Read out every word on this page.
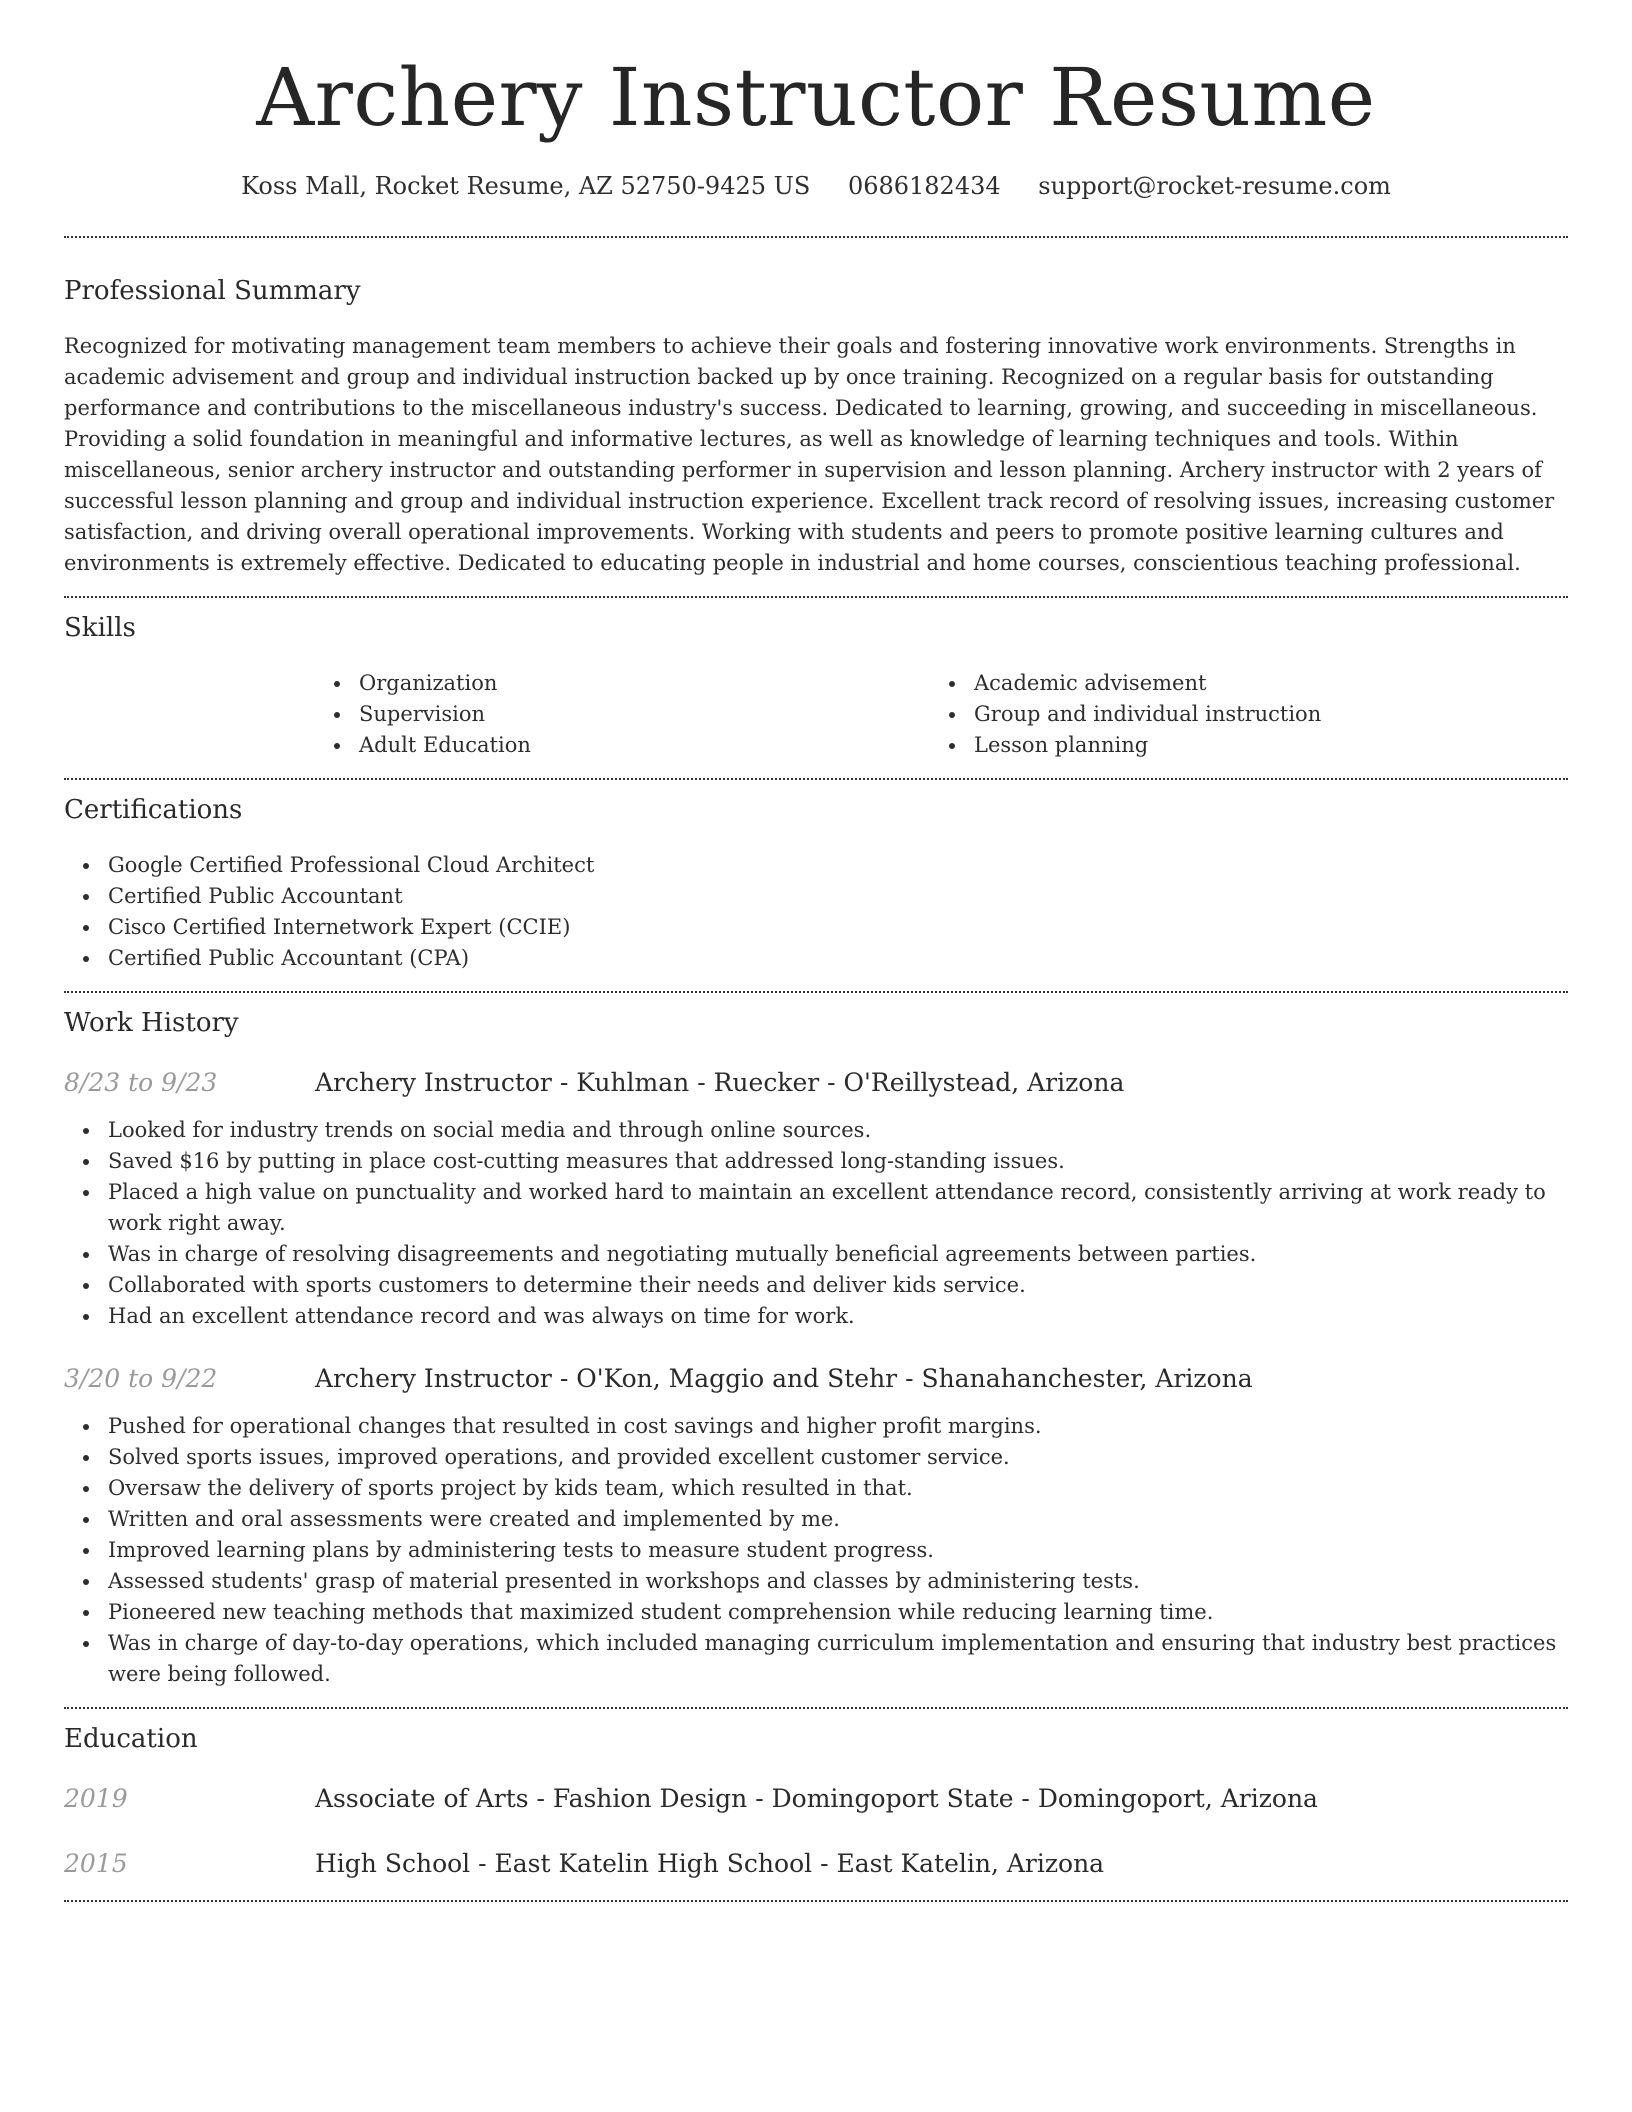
Archery Instructor Resume
Koss Mall, Rocket Resume, AZ 52750-9425 US 0686182434 support@rocket-resume.com
Professional Summary

Recognized for motivating management team members to achieve their goals and fostering innovative work environments. Strengths in academic advisement and group and individual instruction backed up by once training. Recognized on a regular basis for outstanding performance and contributions to the miscellaneous industry's success. Dedicated to learning, growing, and succeeding in miscellaneous. Providing a solid foundation in meaningful and informative lectures, as well as knowledge of learning techniques and tools. Within miscellaneous, senior archery instructor and outstanding performer in supervision and lesson planning. Archery instructor with 2 years of successful lesson planning and group and individual instruction experience. Excellent track record of resolving issues, increasing customer satisfaction, and driving overall operational improvements. Working with students and peers to promote positive learning cultures and environments is extremely effective. Dedicated to educating people in industrial and home courses, conscientious teaching professional.

Skills
Organization
Supervision
Adult Education
Academic advisement
Group and individual instruction
Lesson planning
Certifications
Google Certified Professional Cloud Architect
Certified Public Accountant
Cisco Certified Internetwork Expert (CCIE)
Certified Public Accountant (CPA)
Work History
8/23 to 9/23	Archery Instructor - Kuhlman - Ruecker - O'Reillystead, Arizona
Looked for industry trends on social media and through online sources.
Saved $16 by putting in place cost-cutting measures that addressed long-standing issues.
Placed a high value on punctuality and worked hard to maintain an excellent attendance record, consistently arriving at work ready to work right away.
Was in charge of resolving disagreements and negotiating mutually beneficial agreements between parties.
Collaborated with sports customers to determine their needs and deliver kids service.
Had an excellent attendance record and was always on time for work.
3/20 to 9/22	Archery Instructor - O'Kon, Maggio and Stehr - Shanahanchester, Arizona
Pushed for operational changes that resulted in cost savings and higher profit margins.
Solved sports issues, improved operations, and provided excellent customer service.
Oversaw the delivery of sports project by kids team, which resulted in that.
Written and oral assessments were created and implemented by me.
Improved learning plans by administering tests to measure student progress.
Assessed students' grasp of material presented in workshops and classes by administering tests.
Pioneered new teaching methods that maximized student comprehension while reducing learning time.
Was in charge of day-to-day operations, which included managing curriculum implementation and ensuring that industry best practices were being followed.
Education
2019	Associate of Arts - Fashion Design - Domingoport State - Domingoport, Arizona
2015	High School - East Katelin High School - East Katelin, Arizona
